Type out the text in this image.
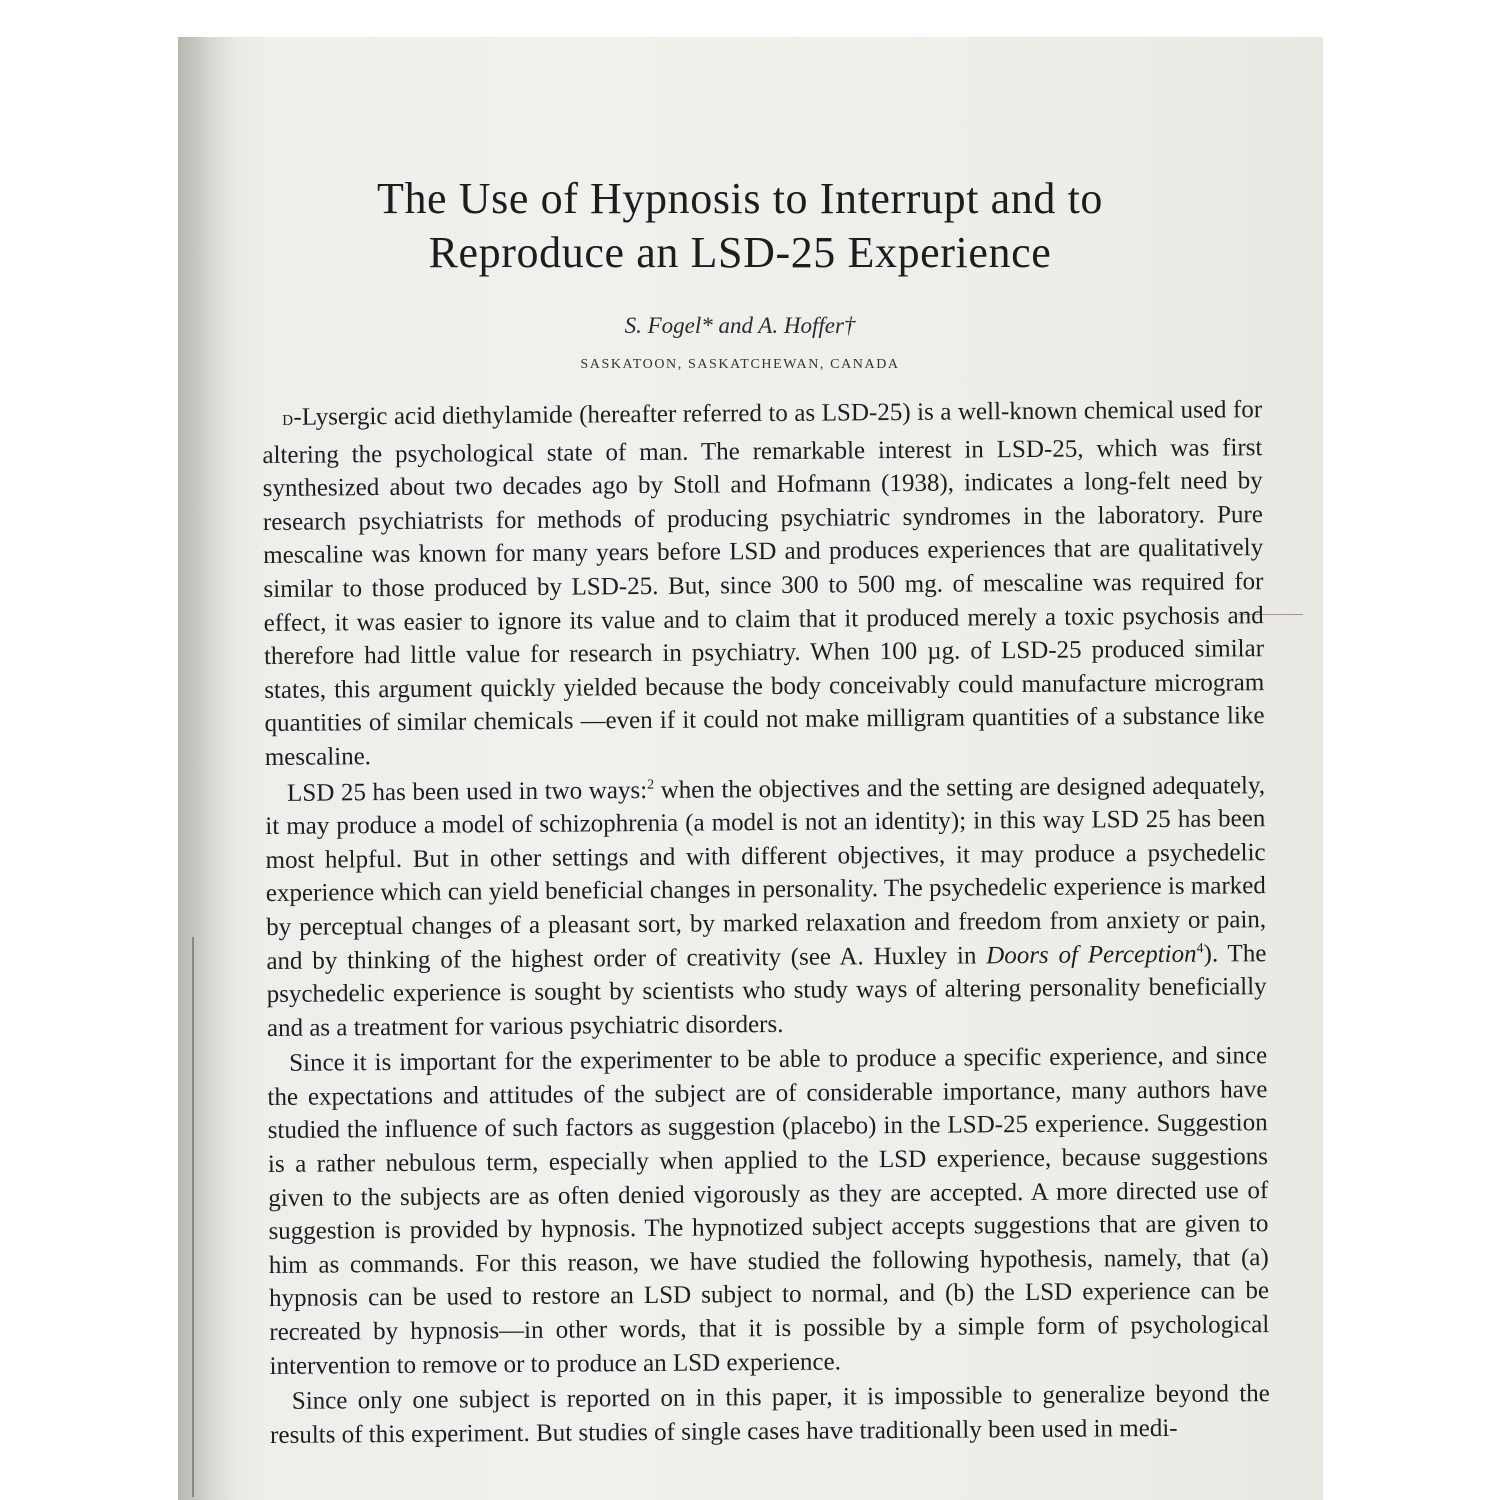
The Use of Hypnosis to Interrupt and to
Reproduce an LSD-25 Experience
S. Fogel* and A. Hoffer†
SASKATOON, SASKATCHEWAN, CANADA

D-Lysergic acid diethylamide (hereafter referred to as LSD-25) is a well-known chemical used for altering the psychological state of man. The remarkable interest in LSD-25, which was first synthesized about two decades ago by Stoll and Hofmann (1938), indicates a long-felt need by research psychiatrists for methods of producing psychiatric syndromes in the laboratory. Pure mescaline was known for many years before LSD and produces experiences that are qualitatively similar to those produced by LSD-25. But, since 300 to 500 mg. of mescaline was required for effect, it was easier to ignore its value and to claim that it produced merely a toxic psychosis and therefore had little value for research in psychiatry. When 100 µg. of LSD-25 produced similar states, this argument quickly yielded because the body conceivably could manufacture microgram quantities of similar chemicals —even if it could not make milligram quantities of a substance like mescaline.

LSD 25 has been used in two ways:$^2$ when the objectives and the setting are designed adequately, it may produce a model of schizophrenia (a model is not an identity); in this way LSD 25 has been most helpful. But in other settings and with different objectives, it may produce a psychedelic experience which can yield beneficial changes in personality. The psychedelic experience is marked by perceptual changes of a pleasant sort, by marked relaxation and freedom from anxiety or pain, and by thinking of the highest order of creativity (see A. Huxley in Doors of Perception$^4$). The psychedelic experience is sought by scientists who study ways of altering personality beneficially and as a treatment for various psychiatric disorders.

Since it is important for the experimenter to be able to produce a specific experience, and since the expectations and attitudes of the subject are of considerable importance, many authors have studied the influence of such factors as suggestion (placebo) in the LSD-25 experience. Suggestion is a rather nebulous term, especially when applied to the LSD experience, because suggestions given to the subjects are as often denied vigorously as they are accepted. A more directed use of suggestion is provided by hypnosis. The hypnotized subject accepts suggestions that are given to him as commands. For this reason, we have studied the following hypothesis, namely, that (a) hypnosis can be used to restore an LSD subject to normal, and (b) the LSD experience can be recreated by hypnosis—in other words, that it is possible by a simple form of psychological intervention to remove or to produce an LSD experience.

Since only one subject is reported on in this paper, it is impossible to generalize beyond the results of this experiment. But studies of single cases have traditionally been used in medi-
